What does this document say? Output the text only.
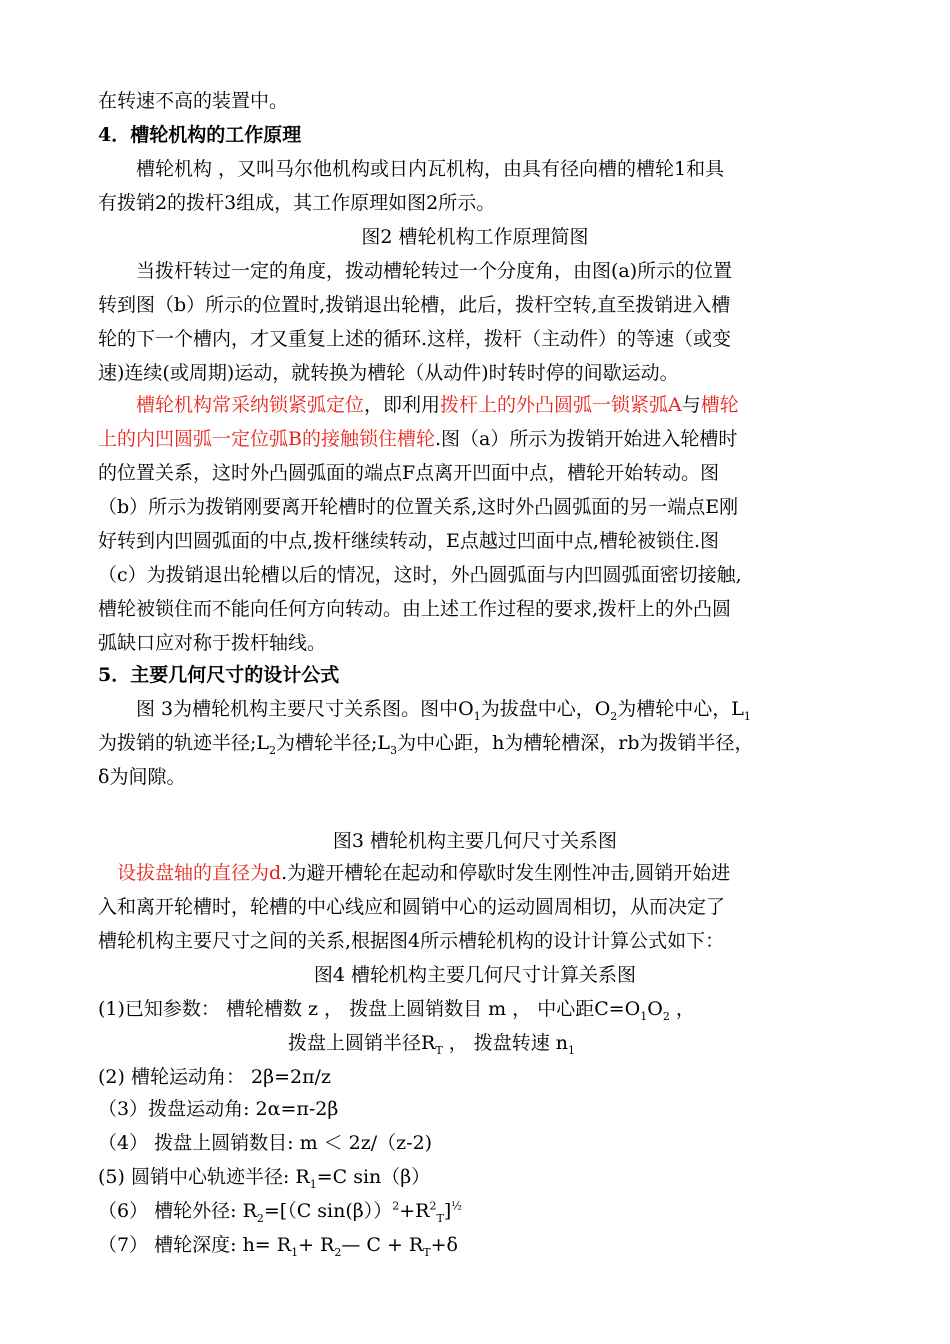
在转速不高的装置中。
4．槽轮机构的工作原理
　　槽轮机构 ，又叫马尔他机构或日内瓦机构，由具有径向槽的槽轮1和具
有拨销2的拨杆3组成，其工作原理如图2所示。
图2 槽轮机构工作原理简图
　　当拨杆转过一定的角度，拨动槽轮转过一个分度角，由图(a)所示的位置
转到图（b）所示的位置时,拨销退出轮槽，此后，拨杆空转,直至拨销进入槽
轮的下一个槽内，才又重复上述的循环.这样，拨杆（主动件）的等速（或变
速)连续(或周期)运动，就转换为槽轮（从动件)时转时停的间歇运动。
　　槽轮机构常采纳锁紧弧定位，即利用拨杆上的外凸圆弧一锁紧弧A与槽轮
上的内凹圆弧一定位弧B的接触锁住槽轮.图（a）所示为拨销开始进入轮槽时
的位置关系，这时外凸圆弧面的端点F点离开凹面中点，槽轮开始转动。图
（b）所示为拨销刚要离开轮槽时的位置关系,这时外凸圆弧面的另一端点E刚
好转到内凹圆弧面的中点,拨杆继续转动，E点越过凹面中点,槽轮被锁住.图
（c）为拨销退出轮槽以后的情况，这时，外凸圆弧面与内凹圆弧面密切接触,
槽轮被锁住而不能向任何方向转动。由上述工作过程的要求,拨杆上的外凸圆
弧缺口应对称于拨杆轴线。
5．主要几何尺寸的设计公式
　　图 3为槽轮机构主要尺寸关系图。图中$O_1$为拔盘中心，$O_2$为槽轮中心，$L_1$
为拨销的轨迹半径$;L_2$为槽轮半径$;L_3$为中心距，h为槽轮槽深，rb为拨销半径，
δ为间隙。
图3 槽轮机构主要几何尺寸关系图
　设拔盘轴的直径为d.为避开槽轮在起动和停歇时发生刚性冲击,圆销开始进
入和离开轮槽时，轮槽的中心线应和圆销中心的运动圆周相切，从而决定了
槽轮机构主要尺寸之间的关系,根据图4所示槽轮机构的设计计算公式如下：
图4 槽轮机构主要几何尺寸计算关系图
(1)已知参数： 槽轮槽数 z ， 拨盘上圆销数目 m ， 中心距$C=O_1O_2$ ，
拨盘上圆销半径$R_T$ ， 拨盘转速 $n_1$
(2) 槽轮运动角： 2β=2π/z
（3）拨盘运动角: 2α=π-2β
（4） 拨盘上圆销数目: m ＜ 2z/（z-2)
(5) 圆销中心轨迹半径: $R_1=C$ sin（β）
（6） 槽轮外径: $R_2=[(C$ $\sin(\beta))^2+R^2_T]^{\frac{1}{2}}$
（7） 槽轮深度: $h= R_1+$ $R_2—$ $C + R_T+\delta$
